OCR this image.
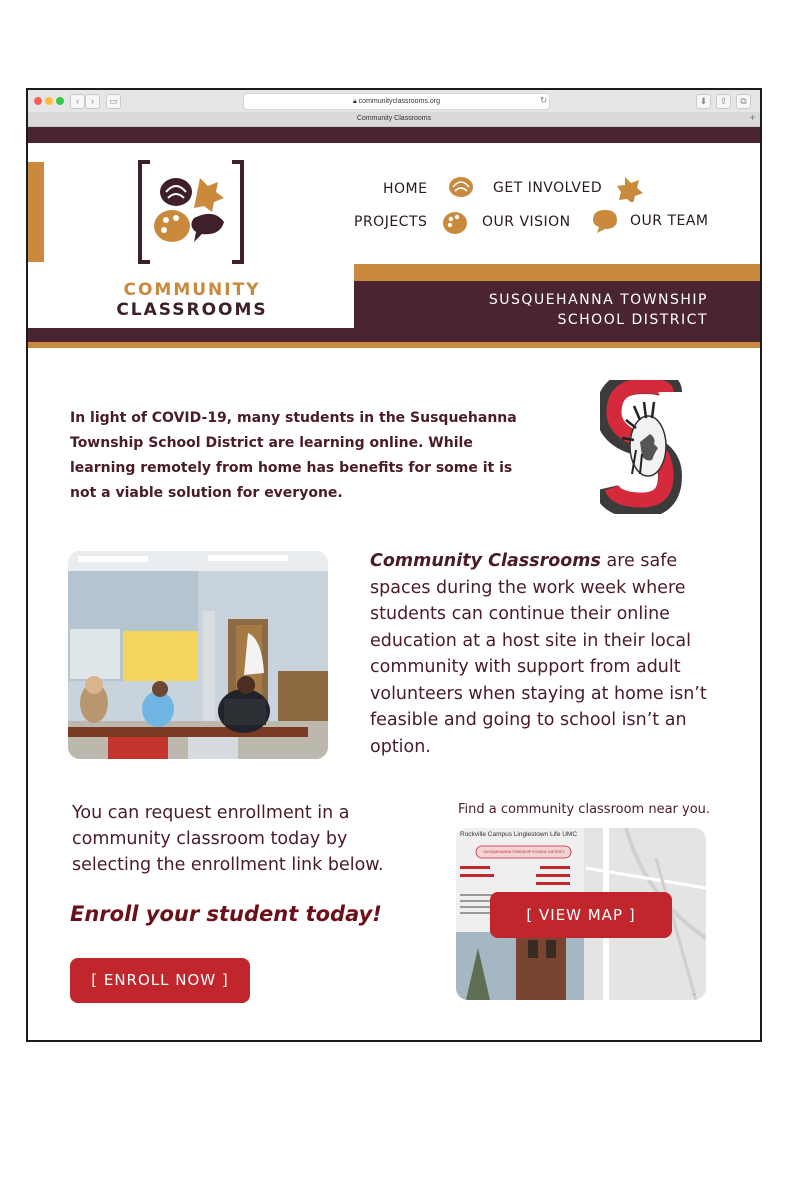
‹	›	▭	🔒︎ communityclassrooms.org	↻	⬇	⇪	⧉
Community Classrooms	+
COMMUNITY
CLASSROOMS
HOME	GET INVOLVED
PROJECTS	OUR VISION	OUR TEAM
SUSQUEHANNA TOWNSHIP
SCHOOL DISTRICT

In light of COVID-19, many students in the Susquehanna Township School District are learning online. While learning remotely from home has benefits for some it is not a viable solution for everyone.

Community Classrooms are safe spaces during the work week where students can continue their online education at a host site in their local community with support from adult volunteers when staying at home isn’t feasible and going to school isn’t an option.

You can request enrollment in a community classroom today by selecting the enrollment link below.

Enroll your student today!
[ ENROLL NOW ]
Find a community classroom near you.
–
Rockville Campus Linglestown Life UMC
SUSQUEHANNA TOWNSHIP SCHOOL DISTRICT
[ VIEW MAP ]
